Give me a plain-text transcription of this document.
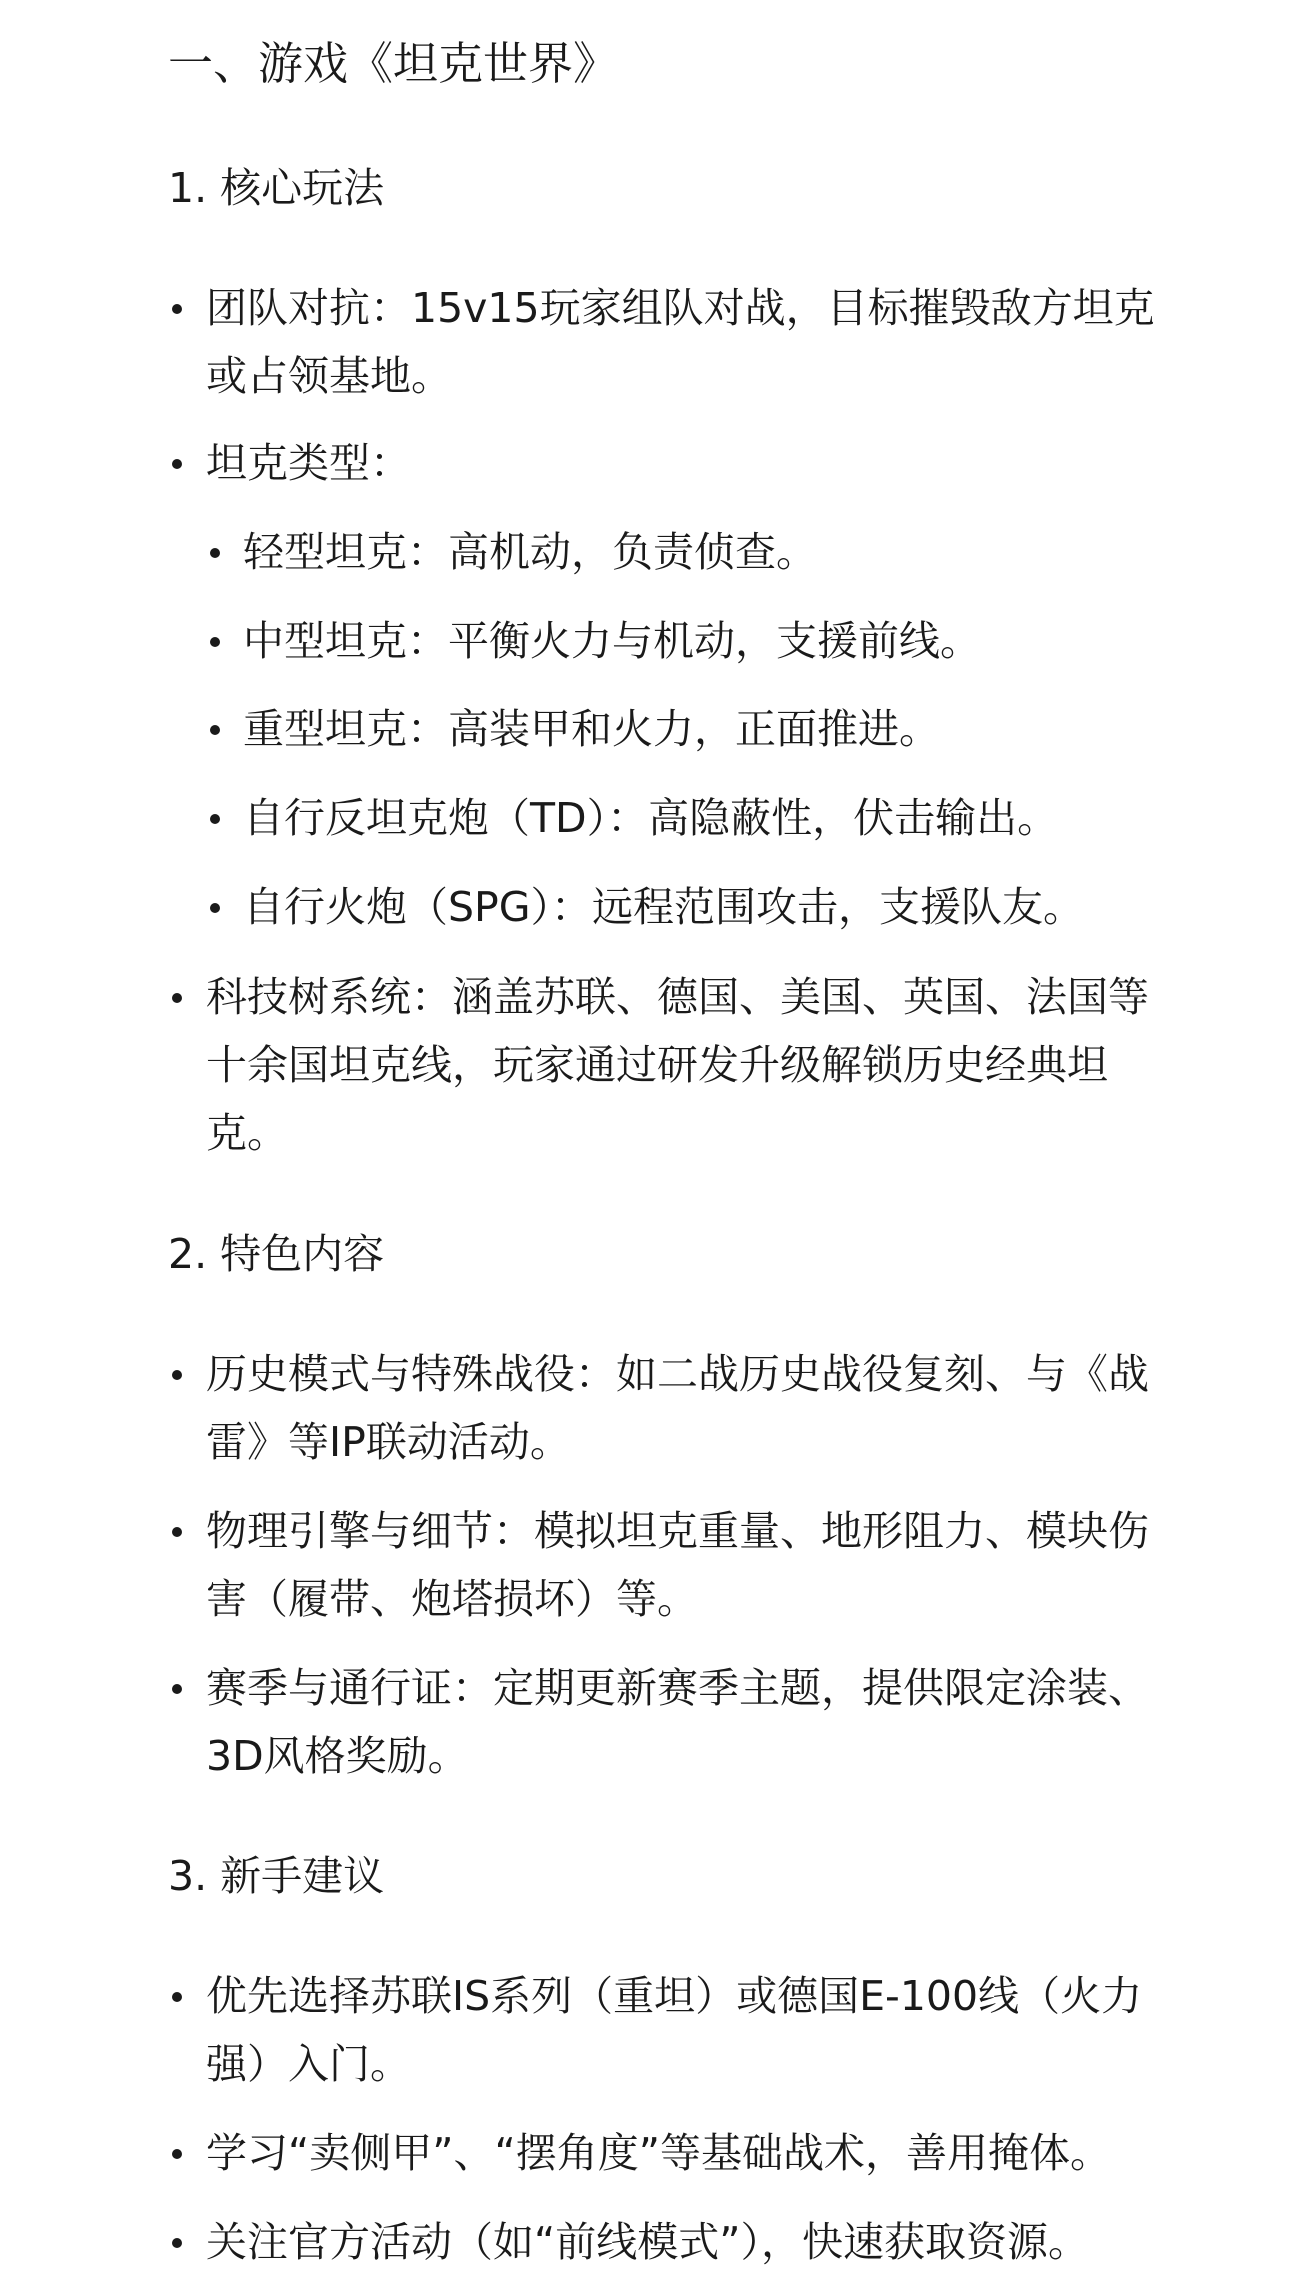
一、游戏《坦克世界》
1. 核心玩法
团队对抗：15v15玩家组队对战，目标摧毁敌方坦克
或占领基地。
坦克类型：
轻型坦克：高机动，负责侦查。
中型坦克：平衡火力与机动，支援前线。
重型坦克：高装甲和火力，正面推进。
自行反坦克炮（TD）：高隐蔽性，伏击输出。
自行火炮（SPG）：远程范围攻击，支援队友。
科技树系统：涵盖苏联、德国、美国、英国、法国等
十余国坦克线，玩家通过研发升级解锁历史经典坦
克。
2. 特色内容
历史模式与特殊战役：如二战历史战役复刻、与《战
雷》等IP联动活动。
物理引擎与细节：模拟坦克重量、地形阻力、模块伤
害（履带、炮塔损坏）等。
赛季与通行证：定期更新赛季主题，提供限定涂装、
3D风格奖励。
3. 新手建议
优先选择苏联IS系列（重坦）或德国E-100线（火力
强）入门。
学习“卖侧甲”、“摆角度”等基础战术，善用掩体。
关注官方活动（如“前线模式”），快速获取资源。
